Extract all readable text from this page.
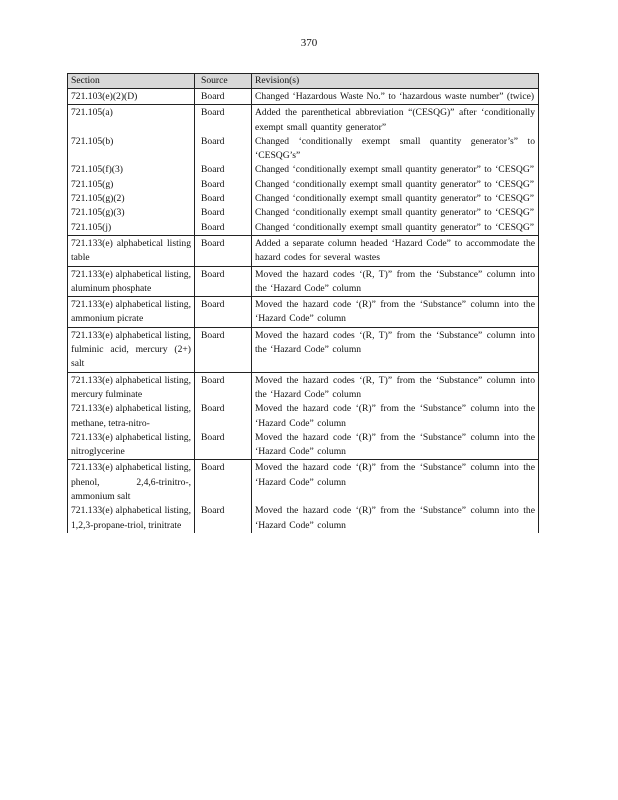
370
Section	Source	Revision(s)
721.103(e)(2)(D)	Board	Changed ‘Hazardous Waste No.” to ‘hazardous waste number” (twice)
721.105(a)	Board	Added the parenthetical abbreviation “(CESQG)” after ‘conditionally exempt small quantity generator”
721.105(b)	Board	Changed ‘conditionally exempt small quantity generator’s” to ‘CESQG’s”
721.105(f)(3)	Board	Changed ‘conditionally exempt small quantity generator” to ‘CESQG”
721.105(g)	Board	Changed ‘conditionally exempt small quantity generator” to ‘CESQG”
721.105(g)(2)	Board	Changed ‘conditionally exempt small quantity generator” to ‘CESQG”
721.105(g)(3)	Board	Changed ‘conditionally exempt small quantity generator” to ‘CESQG”
721.105(j)	Board	Changed ‘conditionally exempt small quantity generator” to ‘CESQG”
721.133(e) alphabetical listing table	Board	Added a separate column headed ‘Hazard Code” to accommodate the hazard codes for several wastes
721.133(e) alphabetical listing, aluminum phosphate	Board	Moved the hazard codes ‘(R, T)” from the ‘Substance” column into the ‘Hazard Code” column
721.133(e) alphabetical listing, ammonium picrate	Board	Moved the hazard code ‘(R)” from the ‘Substance” column into the ‘Hazard Code” column
721.133(e) alphabetical listing, fulminic acid, mercury (2+) salt	Board	Moved the hazard codes ‘(R, T)” from the ‘Substance” column into the ‘Hazard Code” column
721.133(e) alphabetical listing, mercury fulminate	Board	Moved the hazard codes ‘(R, T)” from the ‘Substance” column into the ‘Hazard Code” column
721.133(e) alphabetical listing, methane, tetra-nitro-	Board	Moved the hazard code ‘(R)” from the ‘Substance” column into the ‘Hazard Code” column
721.133(e) alphabetical listing, nitroglycerine	Board	Moved the hazard code ‘(R)” from the ‘Substance” column into the ‘Hazard Code” column
721.133(e) alphabetical listing, phenol, 2,4,6-trinitro-, ammonium salt	Board	Moved the hazard code ‘(R)” from the ‘Substance” column into the ‘Hazard Code” column
721.133(e) alphabetical listing, 1,2,3-propane-triol, trinitrate	Board	Moved the hazard code ‘(R)” from the ‘Substance” column into the ‘Hazard Code” column
